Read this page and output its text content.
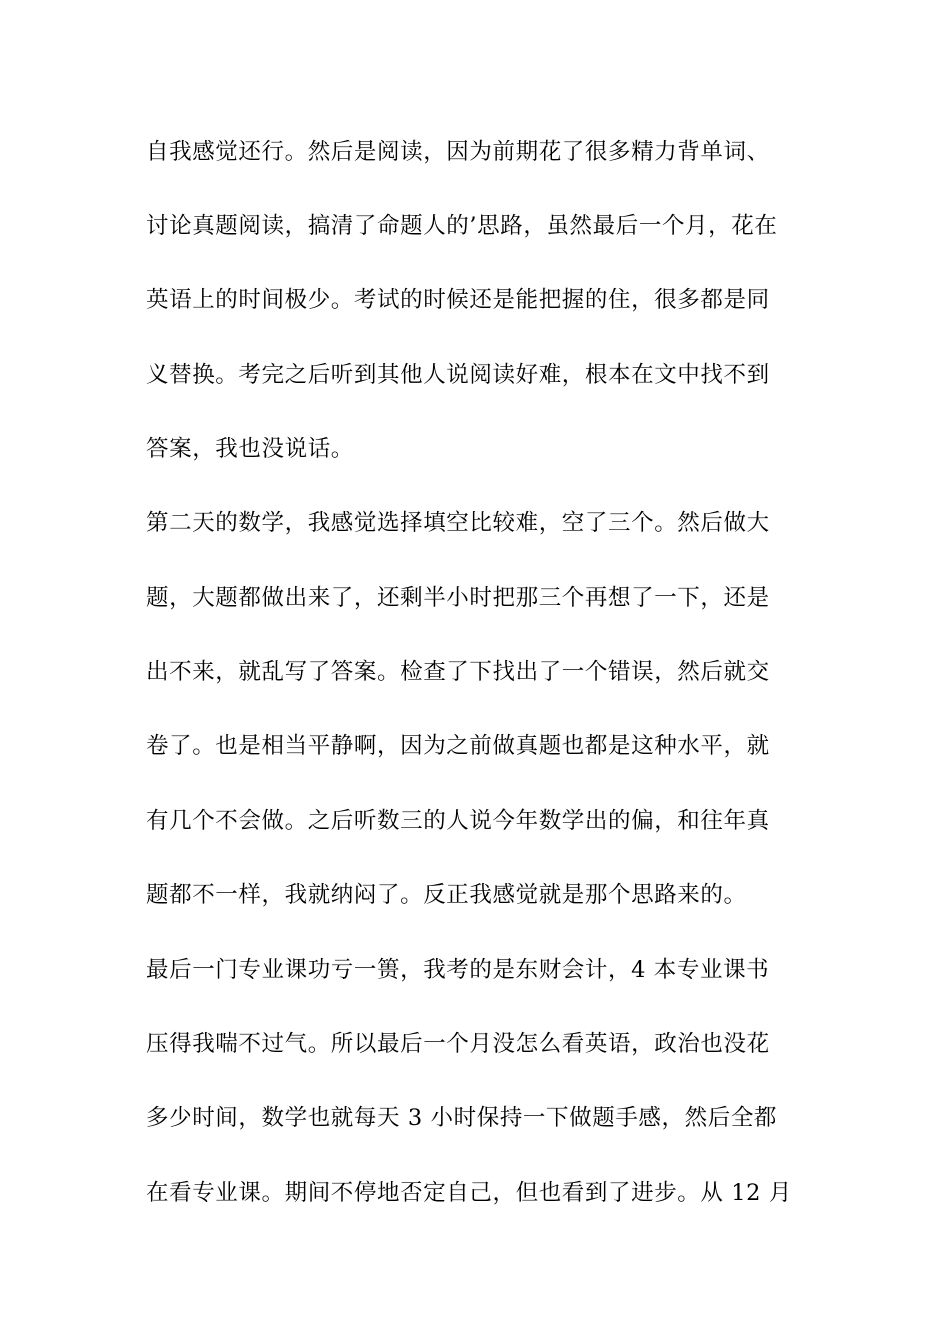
自我感觉还行。然后是阅读，因为前期花了很多精力背单词、
讨论真题阅读，搞清了命题人的’思路，虽然最后一个月，花在
英语上的时间极少。考试的时候还是能把握的住，很多都是同
义替换。考完之后听到其他人说阅读好难，根本在文中找不到
答案，我也没说话。
第二天的数学，我感觉选择填空比较难，空了三个。然后做大
题，大题都做出来了，还剩半小时把那三个再想了一下，还是
出不来，就乱写了答案。检查了下找出了一个错误，然后就交
卷了。也是相当平静啊，因为之前做真题也都是这种水平，就
有几个不会做。之后听数三的人说今年数学出的偏，和往年真
题都不一样，我就纳闷了。反正我感觉就是那个思路来的。
最后一门专业课功亏一篑，我考的是东财会计，4 本专业课书
压得我喘不过气。所以最后一个月没怎么看英语，政治也没花
多少时间，数学也就每天 3 小时保持一下做题手感，然后全都
在看专业课。期间不停地否定自己，但也看到了进步。从 12 月
